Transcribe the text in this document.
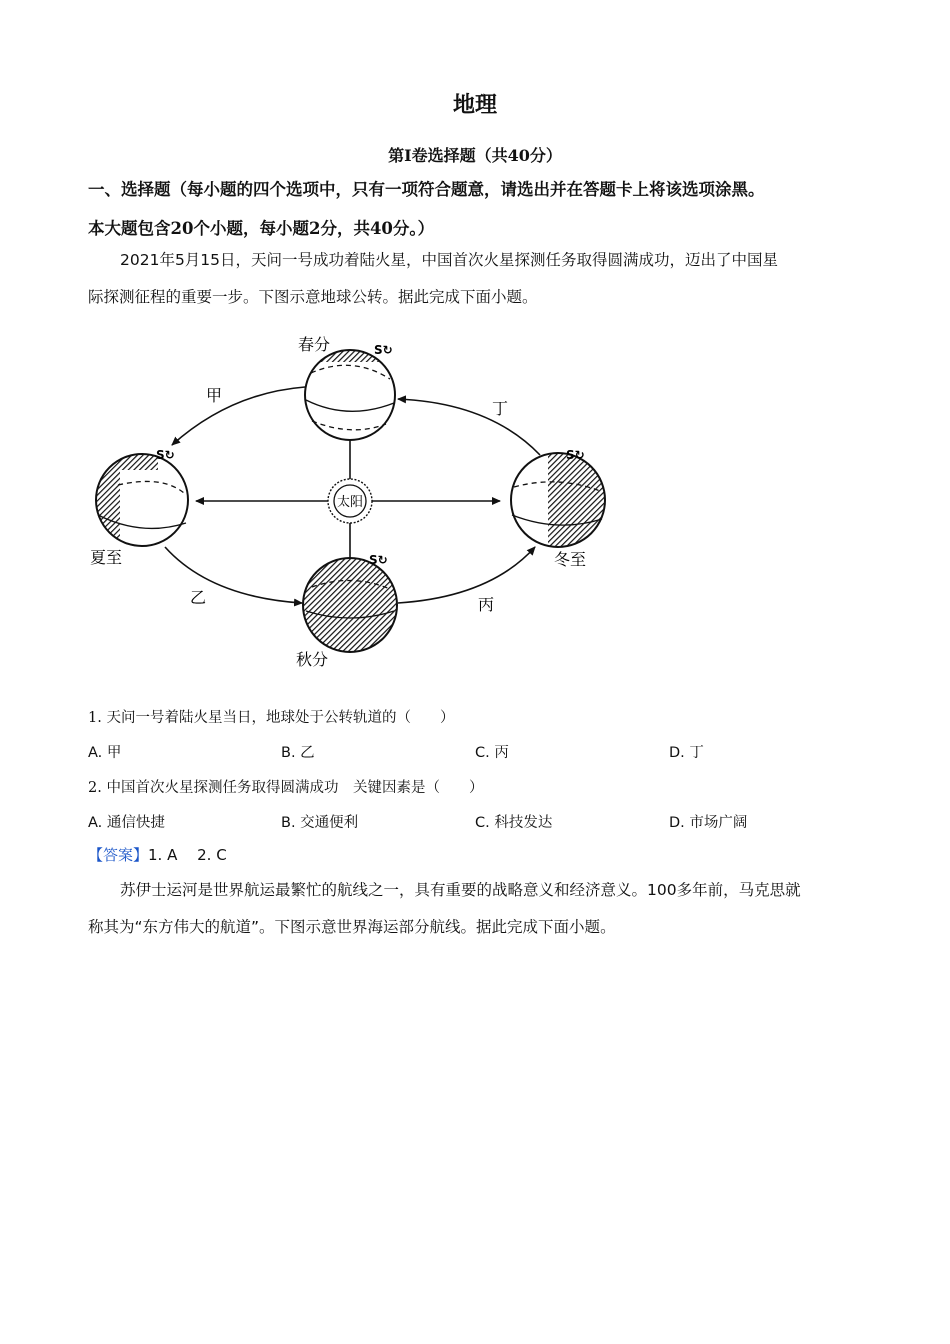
地理
第Ⅰ卷选择题（共40分）
一、选择题（每小题的四个选项中，只有一项符合题意，请选出并在答题卡上将该选项涂黑。
本大题包含20个小题，每小题2分，共40分。）
2021年5月15日，天问一号成功着陆火星，中国首次火星探测任务取得圆满成功，迈出了中国星
际探测征程的重要一步。下图示意地球公转。据此完成下面小题。
太阳
S↻
S↻
S↻
S↻
春分
夏至
秋分
冬至
甲
乙	丙
丁
1. 天问一号着陆火星当日，地球处于公转轨道的（　　）
A. 甲	B. 乙	C. 丙	D. 丁
2. 中国首次火星探测任务取得圆满成功　关键因素是（　　）
A. 通信快捷	B. 交通便利	C. 科技发达	D. 市场广阔
【答案】1. A　 2. C
苏伊士运河是世界航运最繁忙的航线之一，具有重要的战略意义和经济意义。100多年前，马克思就
称其为“东方伟大的航道”。下图示意世界海运部分航线。据此完成下面小题。
